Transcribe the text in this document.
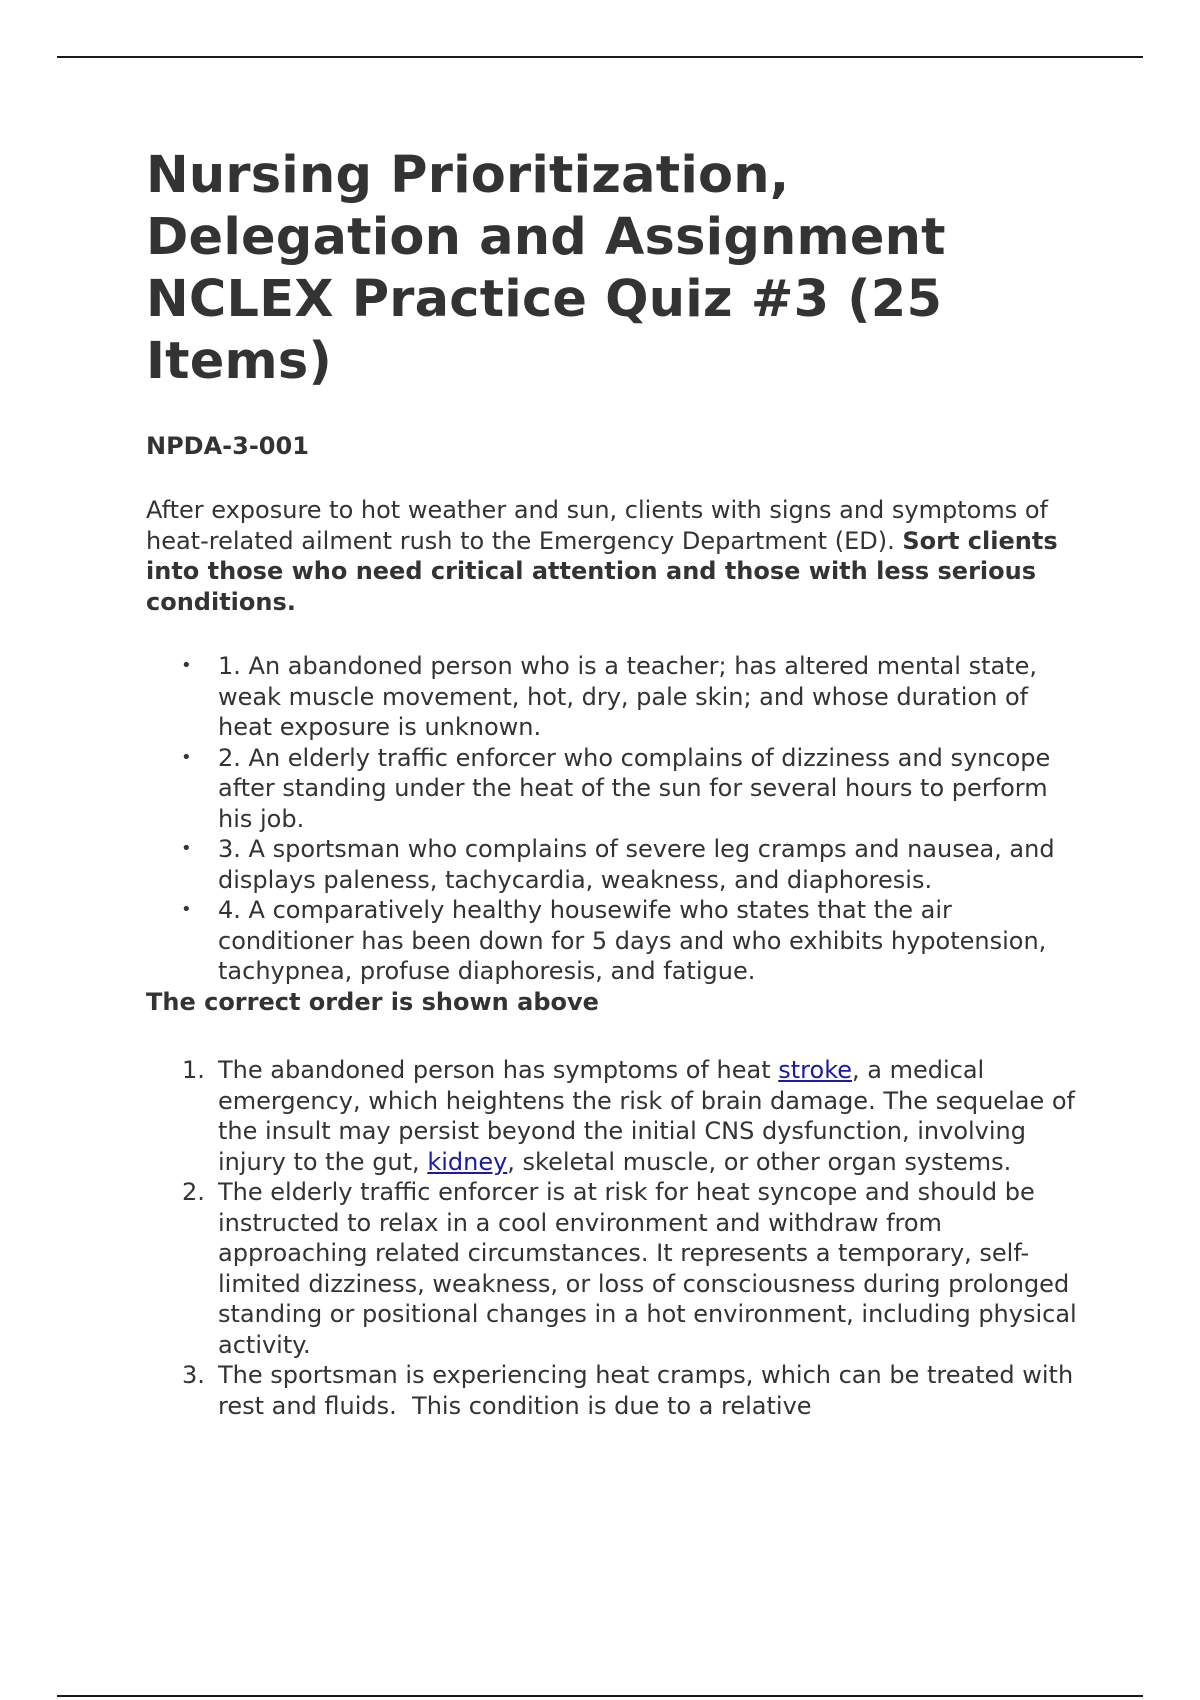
Nursing Prioritization, Delegation and Assignment NCLEX Practice Quiz #3 (25 Items)

NPDA-3-001

After exposure to hot weather and sun, clients with signs and symptoms of heat-related ailment rush to the Emergency Department (ED). Sort clients into those who need critical attention and those with less serious conditions.

• 1. An abandoned person who is a teacher; has altered mental state, weak muscle movement, hot, dry, pale skin; and whose duration of heat exposure is unknown.
• 2. An elderly traffic enforcer who complains of dizziness and syncope after standing under the heat of the sun for several hours to perform his job.
• 3. A sportsman who complains of severe leg cramps and nausea, and displays paleness, tachycardia, weakness, and diaphoresis.
• 4. A comparatively healthy housewife who states that the air conditioner has been down for 5 days and who exhibits hypotension, tachypnea, profuse diaphoresis, and fatigue.

The correct order is shown above

1. The abandoned person has symptoms of heat stroke, a medical emergency, which heightens the risk of brain damage. The sequelae of the insult may persist beyond the initial CNS dysfunction, involving injury to the gut, kidney, skeletal muscle, or other organ systems.
2. The elderly traffic enforcer is at risk for heat syncope and should be instructed to relax in a cool environment and withdraw from approaching related circumstances. It represents a temporary, self-limited dizziness, weakness, or loss of consciousness during prolonged standing or positional changes in a hot environment, including physical activity.
3. The sportsman is experiencing heat cramps, which can be treated with rest and fluids.  This condition is due to a relative
